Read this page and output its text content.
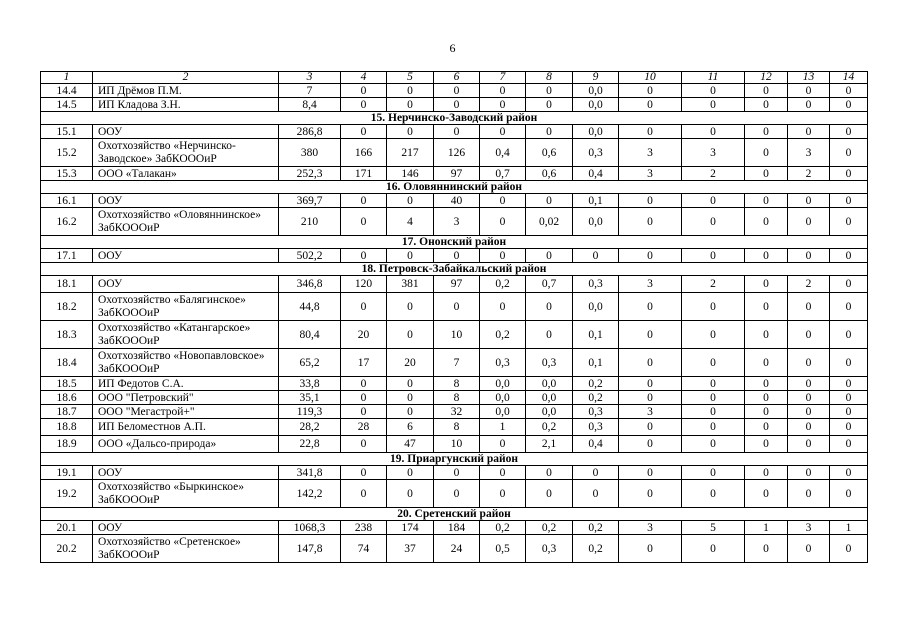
6
1	2	3	4	5	6	7	8	9	10	11	12	13	14
14.4	ИП Дрёмов П.М.	7	0	0	0	0	0	0,0	0	0	0	0	0
14.5	ИП Кладова З.Н.	8,4	0	0	0	0	0	0,0	0	0	0	0	0
15. Нерчинско-Заводский район													
15.1	ООУ	286,8	0	0	0	0	0	0,0	0	0	0	0	0
15.2	Охотхозяйство «Нерчинско-Заводское» ЗабКОООиР	380	166	217	126	0,4	0,6	0,3	3	3	0	3	0
15.3	ООО «Талакан»	252,3	171	146	97	0,7	0,6	0,4	3	2	0	2	0
16. Оловяннинский район													
16.1	ООУ	369,7	0	0	40	0	0	0,1	0	0	0	0	0
16.2	Охотхозяйство «Оловяннинское» ЗабКОООиР	210	0	4	3	0	0,02	0,0	0	0	0	0	0
17. Ононский район													
17.1	ООУ	502,2	0	0	0	0	0	0	0	0	0	0	0
18. Петровск-Забайкальский район													
18.1	ООУ	346,8	120	381	97	0,2	0,7	0,3	3	2	0	2	0
18.2	Охотхозяйство «Балягинское» ЗабКОООиР	44,8	0	0	0	0	0	0,0	0	0	0	0	0
18.3	Охотхозяйство «Катангарское» ЗабКОООиР	80,4	20	0	10	0,2	0	0,1	0	0	0	0	0
18.4	Охотхозяйство «Новопавловское» ЗабКОООиР	65,2	17	20	7	0,3	0,3	0,1	0	0	0	0	0
18.5	ИП Федотов С.А.	33,8	0	0	8	0,0	0,0	0,2	0	0	0	0	0
18.6	ООО "Петровский"	35,1	0	0	8	0,0	0,0	0,2	0	0	0	0	0
18.7	ООО "Мегастрой+"	119,3	0	0	32	0,0	0,0	0,3	3	0	0	0	0
18.8	ИП Беломестнов А.П.	28,2	28	6	8	1	0,2	0,3	0	0	0	0	0
18.9	ООО «Дальсо-природа»	22,8	0	47	10	0	2,1	0,4	0	0	0	0	0
19. Приаргунский район													
19.1	ООУ	341,8	0	0	0	0	0	0	0	0	0	0	0
19.2	Охотхозяйство «Быркинское» ЗабКОООиР	142,2	0	0	0	0	0	0	0	0	0	0	0
20. Сретенский район													
20.1	ООУ	1068,3	238	174	184	0,2	0,2	0,2	3	5	1	3	1
20.2	Охотхозяйство «Сретенское» ЗабКОООиР	147,8	74	37	24	0,5	0,3	0,2	0	0	0	0	0
